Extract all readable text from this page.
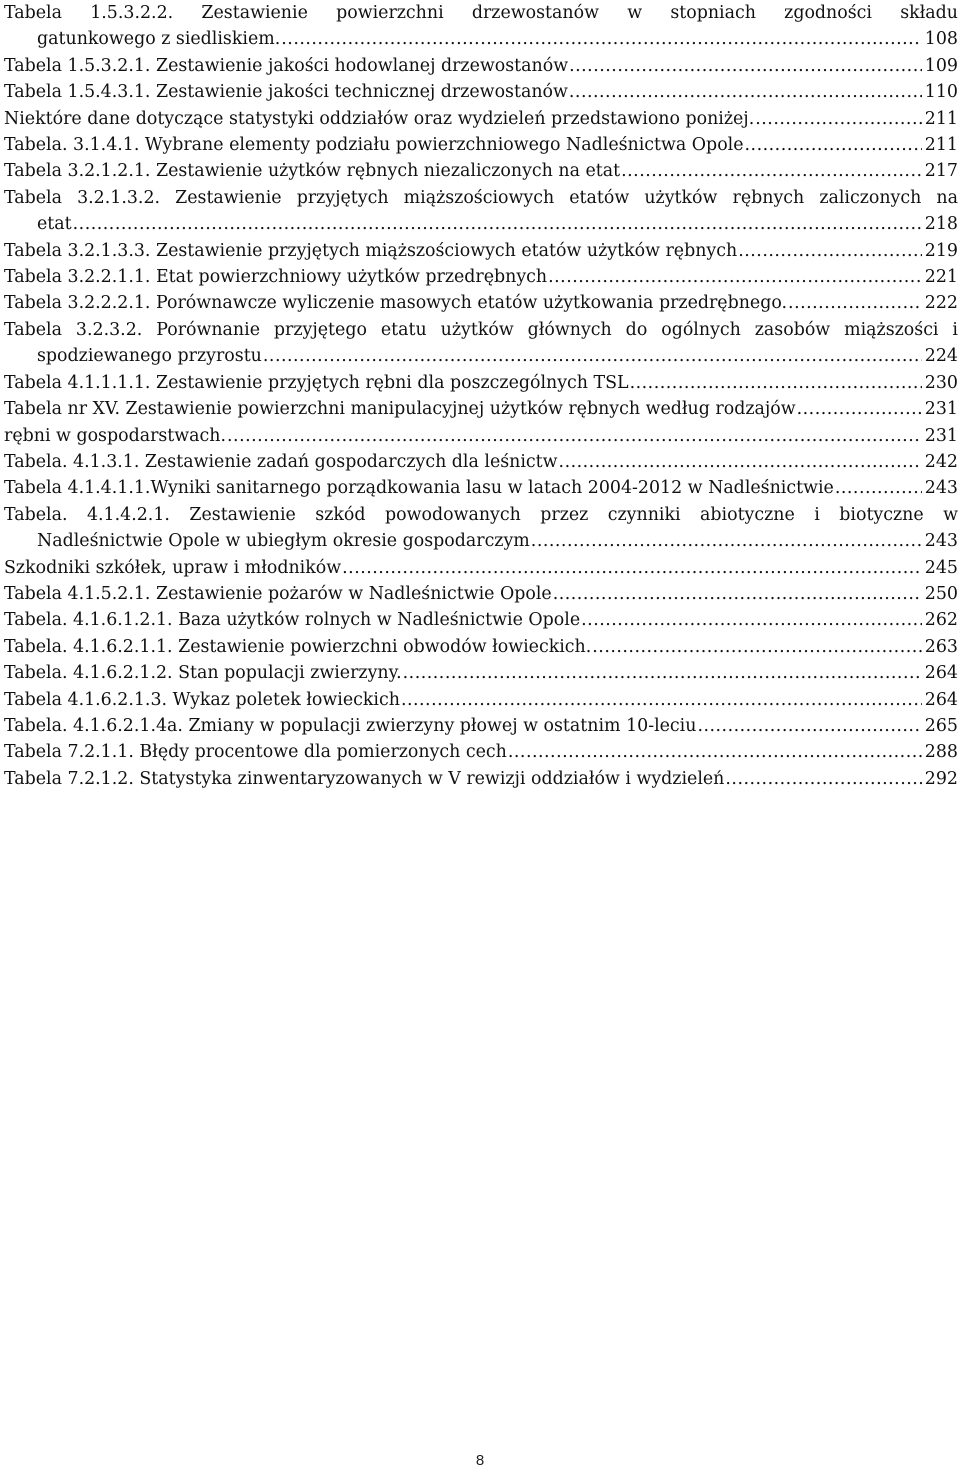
Tabela 1.5.3.2.2. Zestawienie powierzchni drzewostanów w stopniach zgodności składu
gatunkowego z siedliskiem. .....	108
Tabela 1.5.3.2.1. Zestawienie jakości hodowlanej drzewostanów .....	109
Tabela 1.5.4.3.1. Zestawienie jakości technicznej drzewostanów .....	110
Niektóre dane dotyczące statystyki oddziałów oraz wydzieleń przedstawiono poniżej. .....	211
Tabela. 3.1.4.1. Wybrane elementy podziału powierzchniowego Nadleśnictwa Opole .....	211
Tabela 3.2.1.2.1. Zestawienie użytków rębnych niezaliczonych na etat .....	217
Tabela 3.2.1.3.2. Zestawienie przyjętych miąższościowych etatów użytków rębnych zaliczonych na
etat .....	218
Tabela 3.2.1.3.3. Zestawienie przyjętych miąższościowych etatów użytków rębnych .....	219
Tabela 3.2.2.1.1. Etat powierzchniowy użytków przedrębnych .....	221
Tabela 3.2.2.2.1. Porównawcze wyliczenie masowych etatów użytkowania przedrębnego. .....	222
Tabela 3.2.3.2. Porównanie przyjętego etatu użytków głównych do ogólnych zasobów miąższości i
spodziewanego przyrostu .....	224
Tabela 4.1.1.1.1. Zestawienie przyjętych rębni dla poszczególnych TSL .....	230
Tabela nr XV. Zestawienie powierzchni manipulacyjnej użytków rębnych według rodzajów .....	231
rębni w gospodarstwach. .....	231
Tabela. 4.1.3.1. Zestawienie zadań gospodarczych dla leśnictw .....	242
Tabela 4.1.4.1.1.Wyniki sanitarnego porządkowania lasu w latach 2004-2012 w Nadleśnictwie .....	243
Tabela. 4.1.4.2.1. Zestawienie szkód powodowanych przez czynniki abiotyczne i biotyczne w
Nadleśnictwie Opole w ubiegłym okresie gospodarczym .....	243
Szkodniki szkółek, upraw i młodników .....	245
Tabela 4.1.5.2.1. Zestawienie pożarów w Nadleśnictwie Opole .....	250
Tabela. 4.1.6.1.2.1. Baza użytków rolnych w Nadleśnictwie Opole .....	262
Tabela. 4.1.6.2.1.1. Zestawienie powierzchni obwodów łowieckich. .....	263
Tabela. 4.1.6.2.1.2. Stan populacji zwierzyny. .....	264
Tabela 4.1.6.2.1.3. Wykaz poletek łowieckich .....	264
Tabela. 4.1.6.2.1.4a. Zmiany w populacji zwierzyny płowej w ostatnim 10-leciu .....	265
Tabela 7.2.1.1. Błędy procentowe dla pomierzonych cech .....	288
Tabela 7.2.1.2. Statystyka zinwentaryzowanych w V rewizji oddziałów i wydzieleń .....	292
8
